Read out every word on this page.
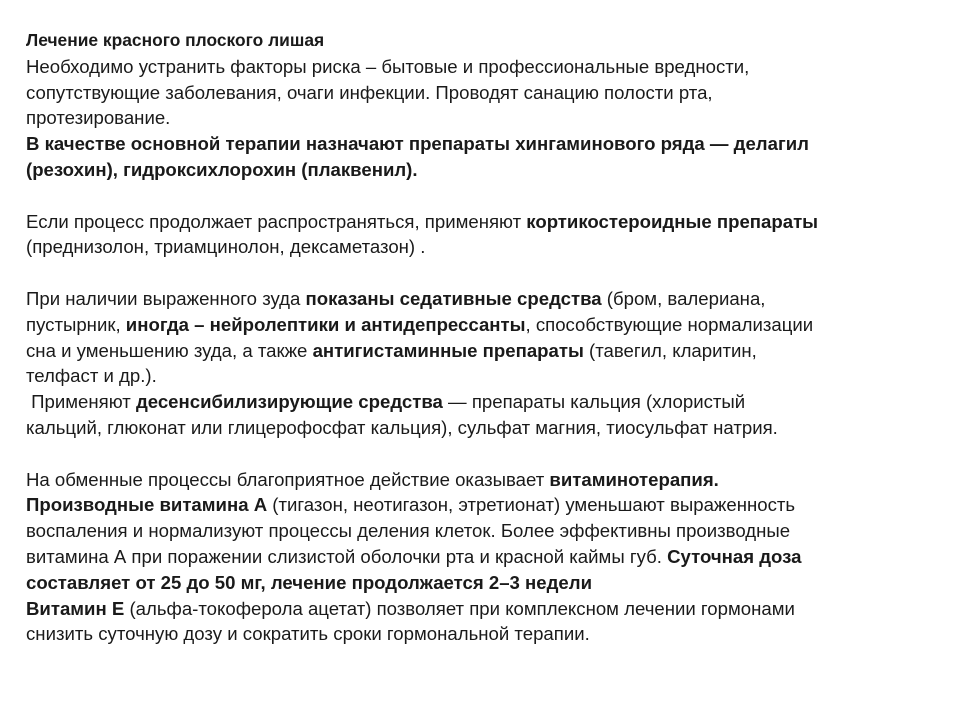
Лечение красного плоского лишая
Необходимо устранить факторы риска – бытовые и профессиональные вредности,
сопутствующие заболевания, очаги инфекции. Проводят санацию полости рта,
протезирование.
В качестве основной терапии назначают препараты хингаминового ряда — делагил
(резохин), гидроксихлорохин (плаквенил).
Если процесс продолжает распространяться, применяют кортикостероидные препараты
(преднизолон, триамцинолон, дексаметазон) .
При наличии выраженного зуда показаны седативные средства (бром, валериана,
пустырник, иногда – нейролептики и антидепрессанты, способствующие нормализации
сна и уменьшению зуда, а также антигистаминные препараты (тавегил, кларитин,
телфаст и др.).
Применяют десенсибилизирующие средства — препараты кальция (хлористый
кальций, глюконат или глицерофосфат кальция), сульфат магния, тиосульфат натрия.
На обменные процессы благоприятное действие оказывает витаминотерапия.
Производные витамина А (тигазон, неотигазон, этретионат) уменьшают выраженность
воспаления и нормализуют процессы деления клеток. Более эффективны производные
витамина А при поражении слизистой оболочки рта и красной каймы губ. Суточная доза
составляет от 25 до 50 мг, лечение продолжается 2–3 недели
Витамин Е (альфа-токоферола ацетат) позволяет при комплексном лечении гормонами
снизить суточную дозу и сократить сроки гормональной терапии.
